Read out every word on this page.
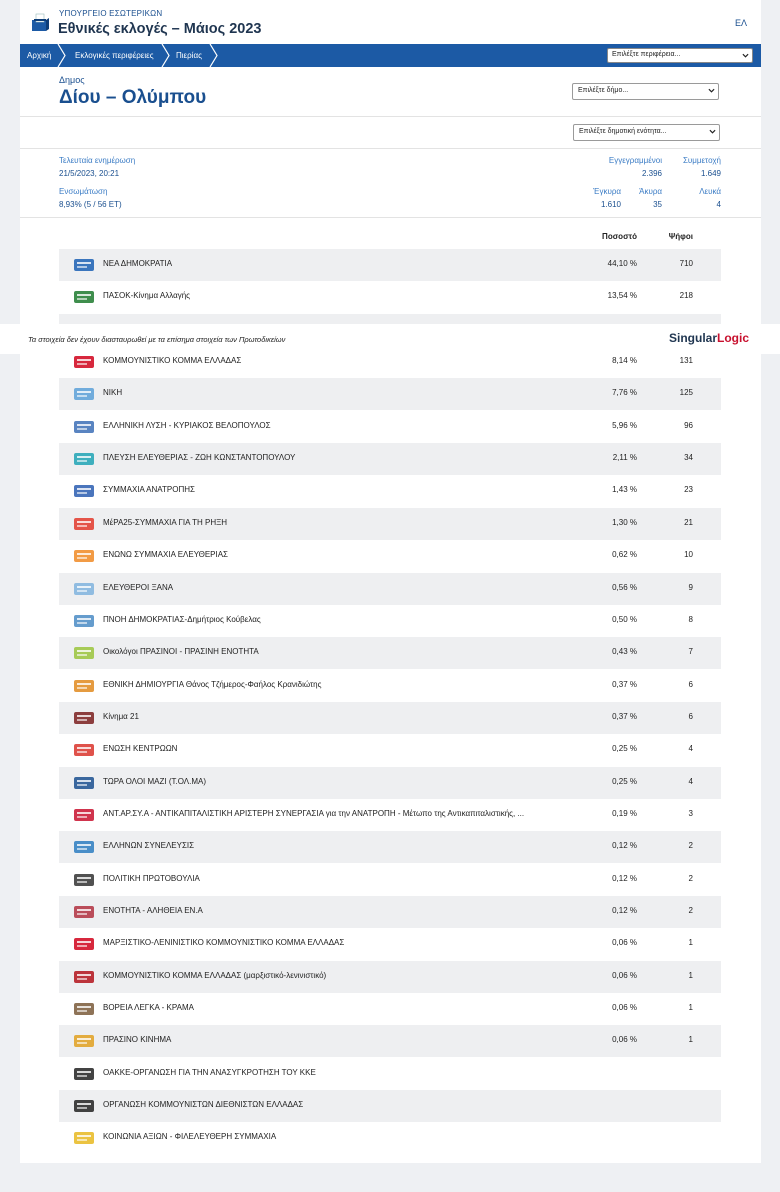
ΥΠΟΥΡΓΕΙΟ ΕΣΩΤΕΡΙΚΩΝ
Εθνικές εκλογές – Μάιος 2023	ΕΛ
Αρχική	Εκλογικές περιφέρειες	Πιερίας	Επιλέξτε περιφέρεια...
Δημος
Δίου – Ολύμπου	Επιλέξτε δήμο...
Επιλέξτε δημοτική ενότητα...
Τελευταία ενημέρωση
21/5/2023, 20:21
Ενσωμάτωση
8,93% (5 / 56 ΕΤ)
Εγγεγραμμένοι
2.396
Συμμετοχή
1.649
Έγκυρα
1.610
Άκυρα
35
Λευκά
4
Ποσοστό	Ψήφοι
ΝΕΑ ΔΗΜΟΚΡΑΤΙΑ	44,10 %	710
ΠΑΣΟΚ-Κίνημα Αλλαγής	13,54 %	218
ΚΟΜΜΟΥΝΙΣΤΙΚΟ ΚΟΜΜΑ ΕΛΛΑΔΑΣ	8,14 %	131
ΝΙΚΗ	7,76 %	125
ΕΛΛΗΝΙΚΗ ΛΥΣΗ - ΚΥΡΙΑΚΟΣ ΒΕΛΟΠΟΥΛΟΣ	5,96 %	96
ΠΛΕΥΣΗ ΕΛΕΥΘΕΡΙΑΣ - ΖΩΗ ΚΩΝΣΤΑΝΤΟΠΟΥΛΟΥ	2,11 %	34
ΣΥΜΜΑΧΙΑ ΑΝΑΤΡΟΠΗΣ	1,43 %	23
ΜέΡΑ25-ΣΥΜΜΑΧΙΑ ΓΙΑ ΤΗ ΡΗΞΗ	1,30 %	21
ΕΝΩΝΩ ΣΥΜΜΑΧΙΑ ΕΛΕΥΘΕΡΙΑΣ	0,62 %	10
ΕΛΕΥΘΕΡΟΙ ΞΑΝΑ	0,56 %	9
ΠΝΟΗ ΔΗΜΟΚΡΑΤΙΑΣ-Δημήτριος Κούβελας	0,50 %	8
Οικολόγοι ΠΡΑΣΙΝΟΙ - ΠΡΑΣΙΝΗ ΕΝΟΤΗΤΑ	0,43 %	7
ΕΘΝΙΚΗ ΔΗΜΙΟΥΡΓΙΑ Θάνος Τζήμερος-Φαήλος Κρανιδιώτης	0,37 %	6
Κίνημα 21	0,37 %	6
ΕΝΩΣΗ ΚΕΝΤΡΩΩΝ	0,25 %	4
ΤΩΡΑ ΟΛΟΙ ΜΑΖΙ (Τ.ΟΛ.ΜΑ)	0,25 %	4
ΑΝΤ.ΑΡ.ΣΥ.Α - ΑΝΤΙΚΑΠΙΤΑΛΙΣΤΙΚΗ ΑΡΙΣΤΕΡΗ ΣΥΝΕΡΓΑΣΙΑ για την ΑΝΑΤΡΟΠΗ - Μέτωπο της Αντικαπιταλιστικής, ...	0,19 %	3
ΕΛΛΗΝΩΝ ΣΥΝΕΛΕΥΣΙΣ	0,12 %	2
ΠΟΛΙΤΙΚΗ ΠΡΩΤΟΒΟΥΛΙΑ	0,12 %	2
ΕΝΟΤΗΤΑ - ΑΛΗΘΕΙΑ ΕΝ.Α	0,12 %	2
ΜΑΡΞΙΣΤΙΚΟ-ΛΕΝΙΝΙΣΤΙΚΟ ΚΟΜΜΟΥΝΙΣΤΙΚΟ ΚΟΜΜΑ ΕΛΛΑΔΑΣ	0,06 %	1
ΚΟΜΜΟΥΝΙΣΤΙΚΟ ΚΟΜΜΑ ΕΛΛΑΔΑΣ (μαρξιστικό-λενινιστικό)	0,06 %	1
ΒΟΡΕΙΑ ΛΕΓΚΑ - ΚΡΑΜΑ	0,06 %	1
ΠΡΑΣΙΝΟ ΚΙΝΗΜΑ	0,06 %	1
ΟΑΚΚΕ-ΟΡΓΑΝΩΣΗ ΓΙΑ ΤΗΝ ΑΝΑΣΥΓΚΡΟΤΗΣΗ ΤΟΥ ΚΚΕ
ΟΡΓΑΝΩΣΗ ΚΟΜΜΟΥΝΙΣΤΩΝ ΔΙΕΘΝΙΣΤΩΝ ΕΛΛΑΔΑΣ
ΚΟΙΝΩΝΙΑ ΑΞΙΩΝ - ΦΙΛΕΛΕΥΘΕΡΗ ΣΥΜΜΑΧΙΑ
Τα στοιχεία δεν έχουν διασταυρωθεί με τα επίσημα στοιχεία των Πρωτοδικείων	SingularLogic
